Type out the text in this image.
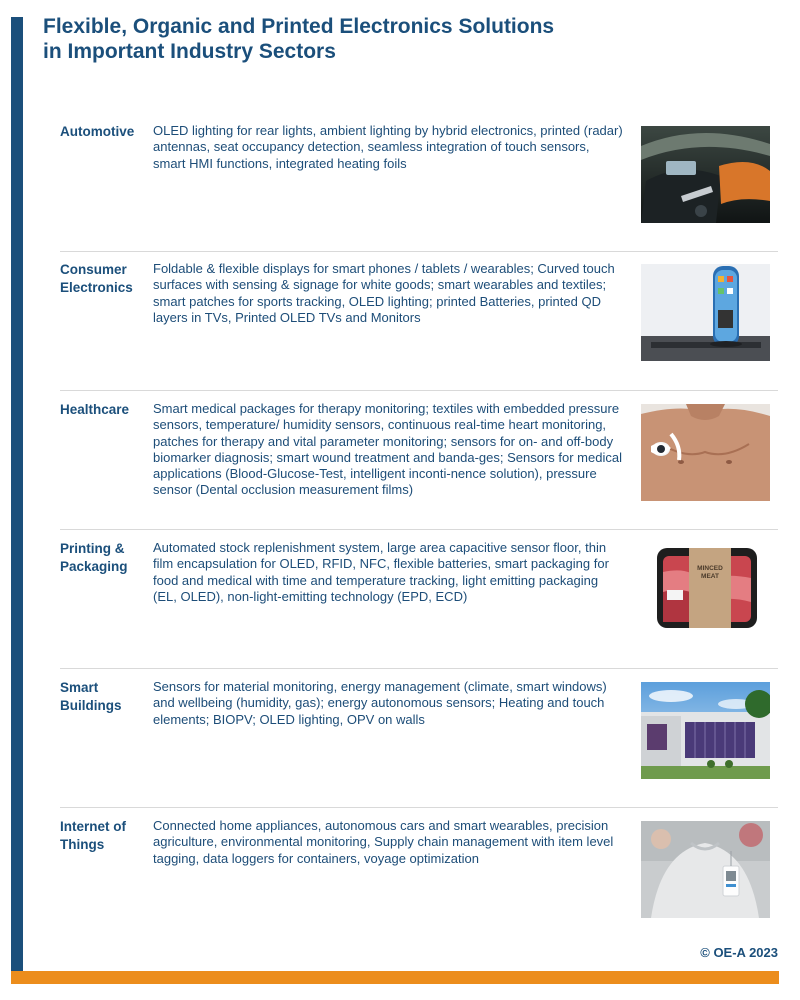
Flexible, Organic and Printed Electronics Solutions
in Important Industry Sectors
Automotive	OLED lighting for rear lights, ambient lighting by hybrid electronics, printed (radar) antennas, seat occupancy detection, seamless integration of touch sensors, smart HMI functions, integrated heating foils
Consumer
Electronics
Foldable & flexible displays for smart phones / tablets / wearables; Curved touch surfaces with sensing & signage for white goods; smart wearables and textiles; smart patches for sports tracking, OLED lighting; printed Batteries, printed QD layers in TVs, Printed OLED TVs and Monitors
Healthcare	Smart medical packages for therapy monitoring; textiles with embedded pressure sensors, temperature/ humidity sensors, continuous real-time heart monitoring, patches for therapy and vital parameter monitoring; sensors for on- and off-body biomarker diagnosis; smart wound treatment and banda-ges; Sensors for medical applications (Blood-Glucose-Test, intelligent inconti-nence solution), pressure sensor (Dental occlusion measurement films)
Printing &
Packaging
Automated stock replenishment system, large area capacitive sensor floor, thin film encapsulation for OLED, RFID, NFC, flexible batteries, smart packaging for food and medical with time and temperature tracking, light emitting packaging (EL, OLED), non-light-emitting technology (EPD, ECD)
MINCED
MEAT
Smart
Buildings
Sensors for material monitoring, energy management (climate, smart windows) and wellbeing (humidity, gas); energy autonomous sensors; Heating and touch elements; BIOPV; OLED lighting, OPV on walls
Internet of
Things
Connected home appliances, autonomous cars and smart wearables, precision agriculture, environmental monitoring, Supply chain management with item level tagging, data loggers for containers, voyage optimization
© OE-A 2023
